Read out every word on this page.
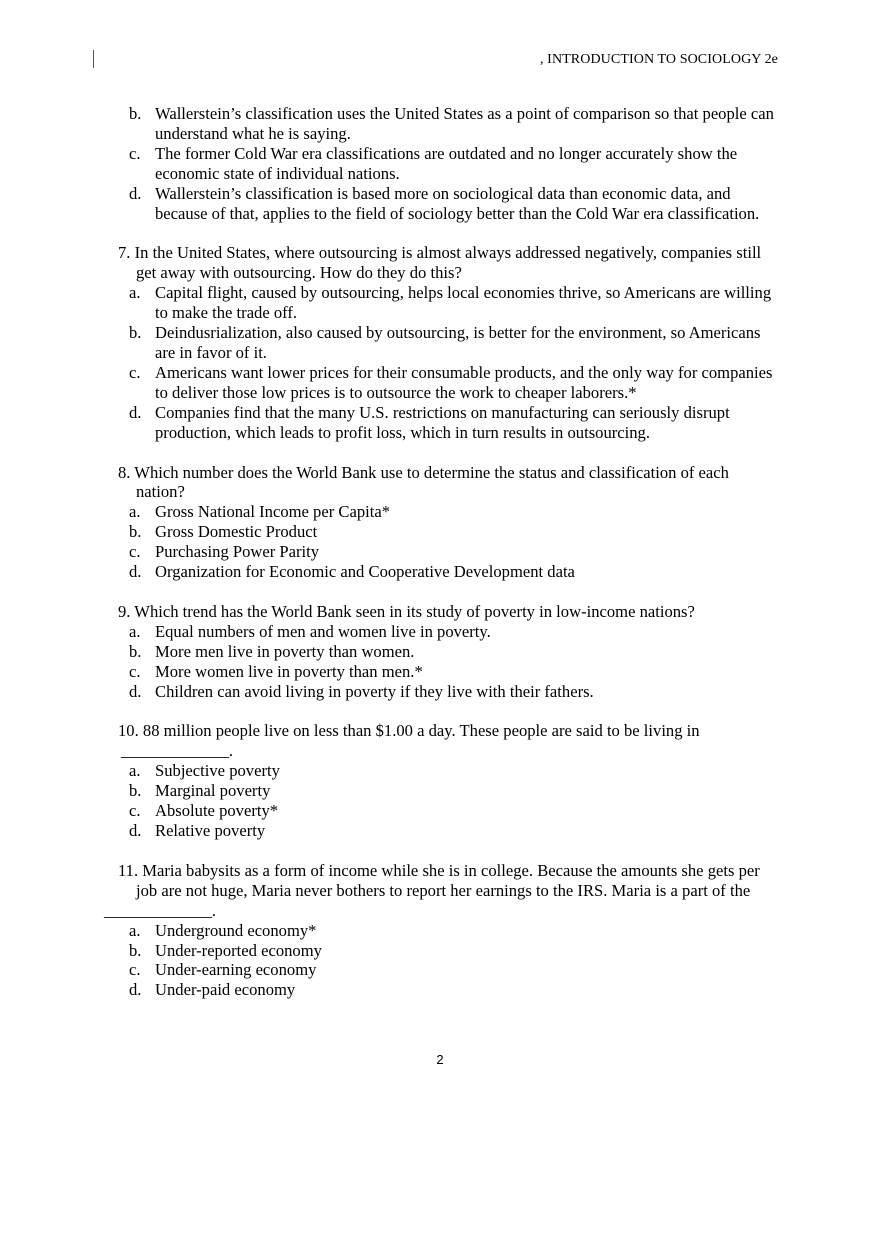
, INTRODUCTION TO SOCIOLOGY 2e
b. Wallerstein’s classification uses the United States as a point of comparison so that people can understand what he is saying.
c. The former Cold War era classifications are outdated and no longer accurately show the economic state of individual nations.
d. Wallerstein’s classification is based more on sociological data than economic data, and because of that, applies to the field of sociology better than the Cold War era classification.
7. In the United States, where outsourcing is almost always addressed negatively, companies still
get away with outsourcing. How do they do this?
a. Capital flight, caused by outsourcing, helps local economies thrive, so Americans are willing to make the trade off.
b. Deindusrialization, also caused by outsourcing, is better for the environment, so Americans are in favor of it.
c. Americans want lower prices for their consumable products, and the only way for companies to deliver those low prices is to outsource the work to cheaper laborers.*
d. Companies find that the many U.S. restrictions on manufacturing can seriously disrupt production, which leads to profit loss, which in turn results in outsourcing.
8. Which number does the World Bank use to determine the status and classification of each
nation?
a. Gross National Income per Capita*
b. Gross Domestic Product
c. Purchasing Power Parity
d. Organization for Economic and Cooperative Development data
9. Which trend has the World Bank seen in its study of poverty in low-income nations?
a. Equal numbers of men and women live in poverty.
b. More men live in poverty than women.
c. More women live in poverty than men.*
d. Children can avoid living in poverty if they live with their fathers.
10. 88 million people live on less than $1.00 a day. These people are said to be living in
_____________.
a. Subjective poverty
b. Marginal poverty
c. Absolute poverty*
d. Relative poverty
11. Maria babysits as a form of income while she is in college. Because the amounts she gets per
job are not huge, Maria never bothers to report her earnings to the IRS. Maria is a part of the
_____________.
a. Underground economy*
b. Under-reported economy
c. Under-earning economy
d. Under-paid economy
2
